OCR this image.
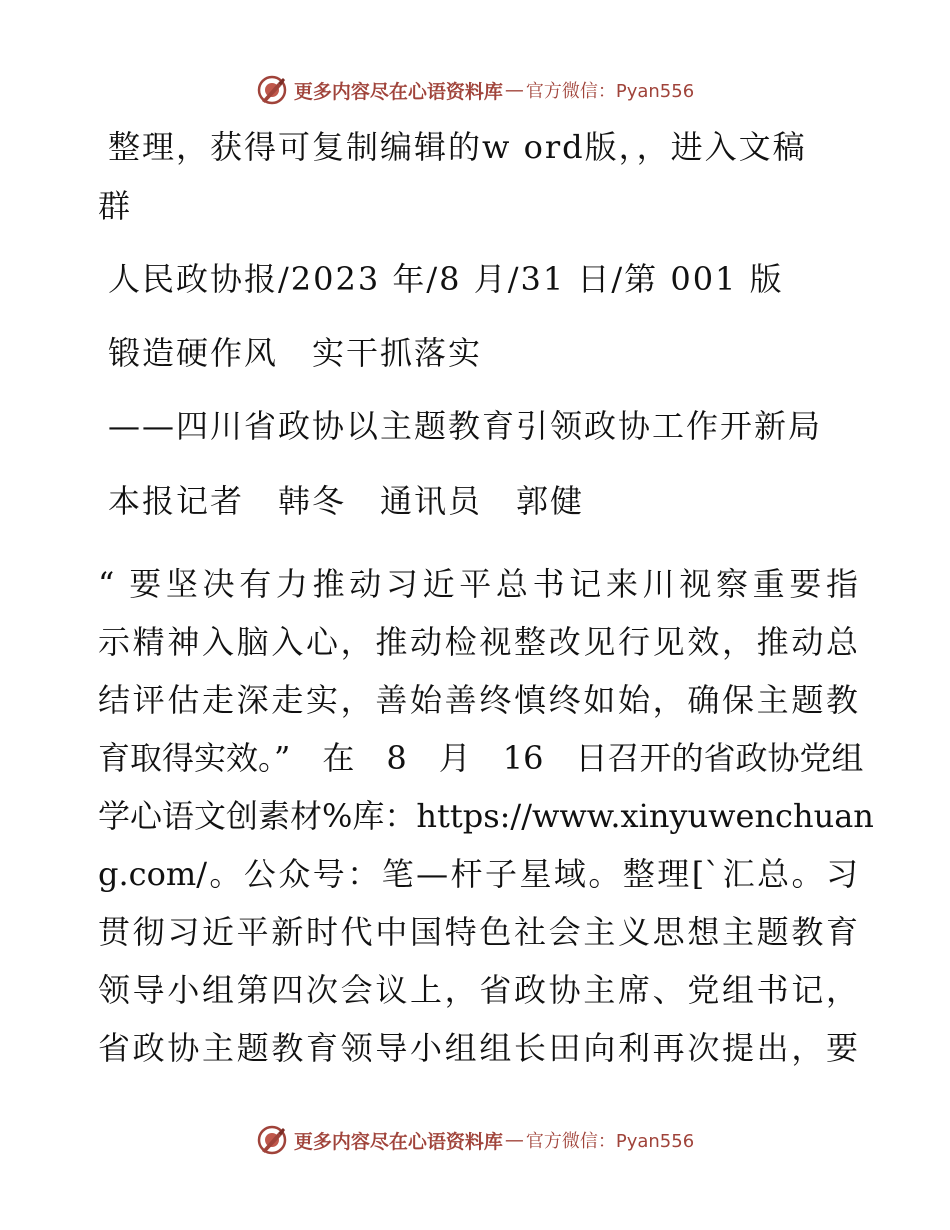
更多内容尽在心语资料库 — 官方微信：Pyan556
整理，获得可复制编辑的w ord版，，进入文稿
群
人民政协报/2023 年/8 月/31 日/第 001 版
锻造硬作风　实干抓落实
——四川省政协以主题教育引领政协工作开新局
本报记者　韩冬　通讯员　郭健
“ 要坚决有力推动习近平总书记来川视察重要指
示精神入脑入心，推动检视整改见行见效，推动总
结评估走深走实，善始善终慎终如始，确保主题教
育取得实效。”　在　8　月　16　日召开的省政协党组
学心语文创素材%库：https://www.xinyuwenchuan
g.com/。公众号：笔—杆子星域。整理[`汇总。习
贯彻习近平新时代中国特色社会主义思想主题教育
领导小组第四次会议上，省政协主席、党组书记，
省政协主题教育领导小组组长田向利再次提出，要
更多内容尽在心语资料库 — 官方微信：Pyan556
